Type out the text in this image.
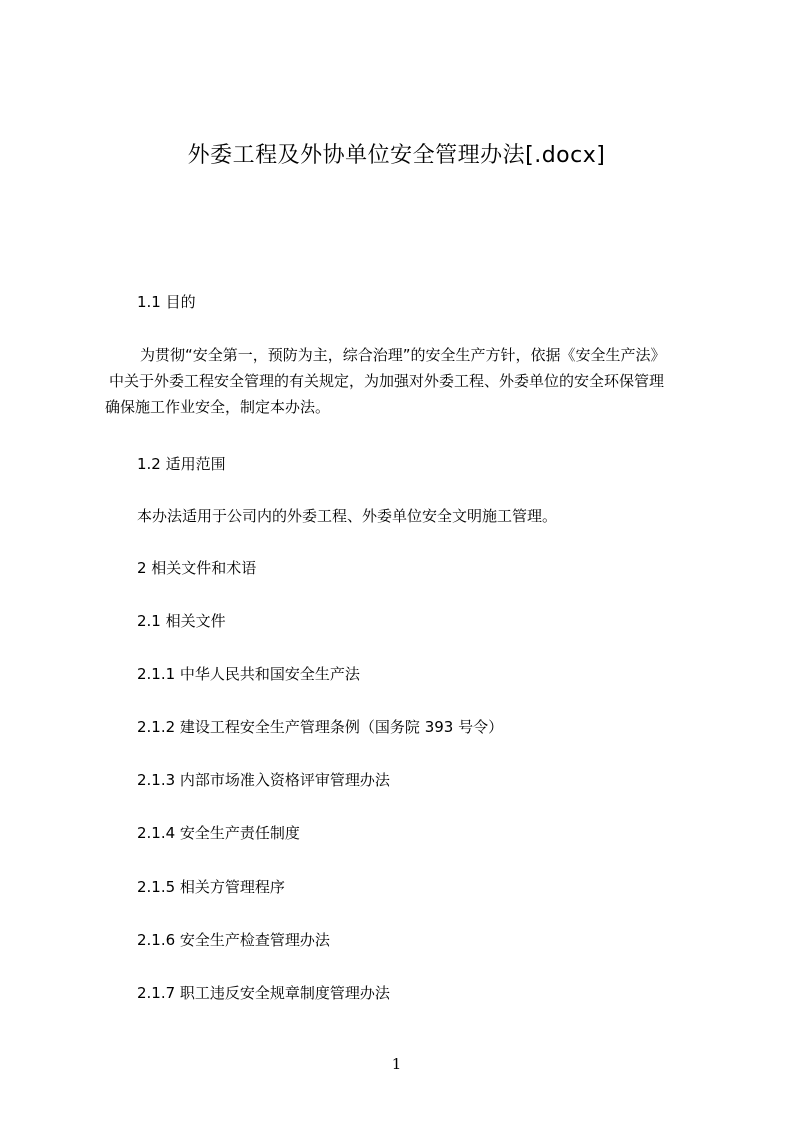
外委工程及外协单位安全管理办法[.docx]
1.1 目的
为贯彻“安全第一，预防为主，综合治理”的安全生产方针，依据《安全生产法》
中关于外委工程安全管理的有关规定，为加强对外委工程、外委单位的安全环保管理
确保施工作业安全，制定本办法。
1.2 适用范围
本办法适用于公司内的外委工程、外委单位安全文明施工管理。
2 相关文件和术语
2.1 相关文件
2.1.1 中华人民共和国安全生产法
2.1.2 建设工程安全生产管理条例（国务院 393 号令）
2.1.3 内部市场准入资格评审管理办法
2.1.4 安全生产责任制度
2.1.5 相关方管理程序
2.1.6 安全生产检查管理办法
2.1.7 职工违反安全规章制度管理办法
1
